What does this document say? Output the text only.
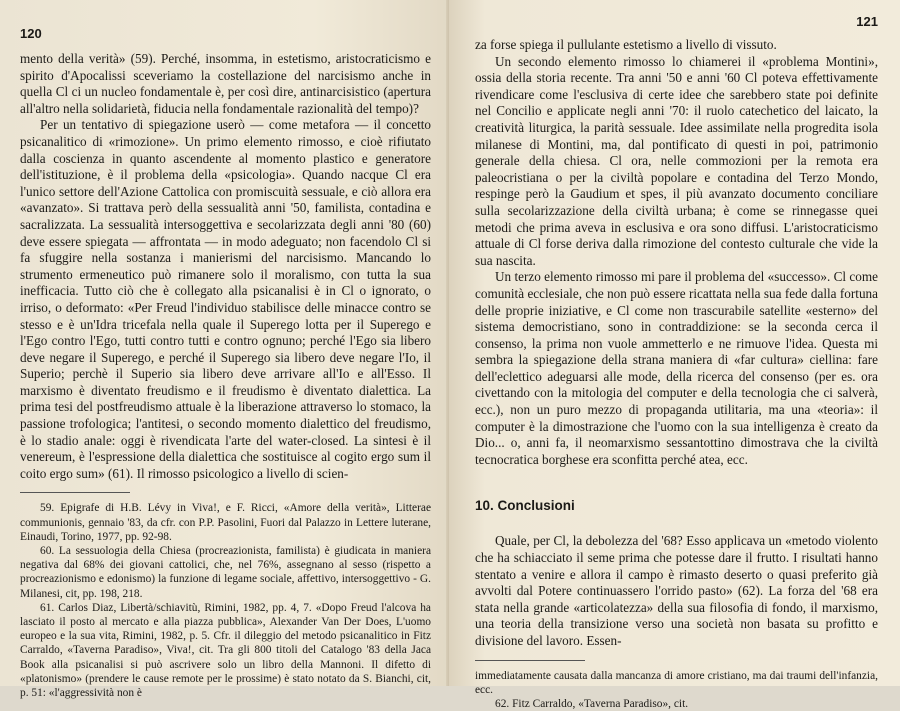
120

mento della verità» (59). Perché, insomma, in estetismo, aristocraticismo e spirito d'Apocalissi sceveriamo la costellazione del narcisismo anche in quella Cl ci un nucleo fondamentale è, per così dire, antinarcisistico (apertura all'altro nella solidarietà, fiducia nella fondamentale razionalità del tempo)?

Per un tentativo di spiegazione userò — come metafora — il concetto psicanalitico di «rimozione». Un primo elemento rimosso, e cioè rifiutato dalla coscienza in quanto ascendente al momento plastico e generatore dell'istituzione, è il problema della «psicologia». Quando nacque Cl era l'unico settore dell'Azione Cattolica con promiscuità sessuale, e ciò allora era «avanzato». Si trattava però della sessualità anni '50, familista, contadina e sacralizzata. La sessualità intersoggettiva e secolarizzata degli anni '80 (60) deve essere spiegata — affrontata — in modo adeguato; non facendolo Cl si fa sfuggire nella sostanza i manierismi del narcisismo. Mancando lo strumento ermeneutico può rimanere solo il moralismo, con tutta la sua inefficacia. Tutto ciò che è collegato alla psicanalisi è in Cl o ignorato, o irriso, o deformato: «Per Freud l'individuo stabilisce delle minacce contro se stesso e è un'Idra tricefala nella quale il Superego lotta per il Superego e l'Ego contro l'Ego, tutti contro tutti e contro ognuno; perché l'Ego sia libero deve negare il Superego, e perché il Superego sia libero deve negare l'Io, il Superio; perchè il Superio sia libero deve arrivare all'Io e all'Esso. Il marxismo è diventato freudismo e il freudismo è diventato dialettica. La prima tesi del postfreudismo attuale è la liberazione attraverso lo stomaco, la passione trofologica; l'antitesi, o secondo momento dialettico del freudismo, è lo stadio anale: oggi è rivendicata l'arte del water-closed. La sintesi è il venereum, è l'espressione della dialettica che sostituisce al cogito ergo sum il coito ergo sum» (61). Il rimosso psicologico a livello di scien-

59. Epigrafe di H.B. Lévy in Viva!, e F. Ricci, «Amore della verità», Litterae communionis, gennaio '83, da cfr. con P.P. Pasolini, Fuori dal Palazzo in Lettere luterane, Einaudi, Torino, 1977, pp. 92-98.

60. La sessuologia della Chiesa (procreazionista, familista) è giudicata in maniera negativa dal 68% dei giovani cattolici, che, nel 76%, assegnano al sesso (rispetto a procreazionismo e edonismo) la funzione di legame sociale, affettivo, intersoggettivo - G. Milanesi, cit, pp. 198, 218.

61. Carlos Diaz, Libertà/schiavitù, Rimini, 1982, pp. 4, 7. «Dopo Freud l'alcova ha lasciato il posto al mercato e alla piazza pubblica», Alexander Van Der Does, L'uomo europeo e la sua vita, Rimini, 1982, p. 5. Cfr. il dileggio del metodo psicanalitico in Fitz Carraldo, «Taverna Paradiso», Viva!, cit. Tra gli 800 titoli del Catalogo '83 della Jaca Book alla psicanalisi si può ascrivere solo un libro della Mannoni. Il difetto di «platonismo» (prendere le cause remote per le prossime) è stato notato da S. Bianchi, cit, p. 51: «l'aggressività non è

121

za forse spiega il pullulante estetismo a livello di vissuto.

Un secondo elemento rimosso lo chiamerei il «problema Montini», ossia della storia recente. Tra anni '50 e anni '60 Cl poteva effettivamente rivendicare come l'esclusiva di certe idee che sarebbero state poi definite nel Concilio e applicate negli anni '70: il ruolo catechetico del laicato, la creatività liturgica, la parità sessuale. Idee assimilate nella progredita isola milanese di Montini, ma, dal pontificato di questi in poi, patrimonio generale della chiesa. Cl ora, nelle commozioni per la remota era paleocristiana o per la civiltà popolare e contadina del Terzo Mondo, respinge però la Gaudium et spes, il più avanzato documento conciliare sulla secolarizzazione della civiltà urbana; è come se rinnegasse quei metodi che prima aveva in esclusiva e ora sono diffusi. L'aristocraticismo attuale di Cl forse deriva dalla rimozione del contesto culturale che vide la sua nascita.

Un terzo elemento rimosso mi pare il problema del «successo». Cl come comunità ecclesiale, che non può essere ricattata nella sua fede dalla fortuna delle proprie iniziative, e Cl come non trascurabile satellite «esterno» del sistema democristiano, sono in contraddizione: se la seconda cerca il consenso, la prima non vuole ammetterlo e ne rimuove l'idea. Questa mi sembra la spiegazione della strana maniera di «far cultura» ciellina: fare dell'eclettico adeguarsi alle mode, della ricerca del consenso (per es. ora civettando con la mitologia del computer e della tecnologia che ci salverà, ecc.), non un puro mezzo di propaganda utilitaria, ma una «teoria»: il computer è la dimostrazione che l'uomo con la sua intelligenza è creato da Dio... o, anni fa, il neomarxismo sessantottino dimostrava che la civiltà tecnocratica borghese era sconfitta perché atea, ecc.

10. Conclusioni

Quale, per Cl, la debolezza del '68? Esso applicava un «metodo violento che ha schiacciato il seme prima che potesse dare il frutto. I risultati hanno stentato a venire e allora il campo è rimasto deserto o quasi preferito già avvolti dal Potere continuassero l'orrido pasto» (62). La forza del '68 era stata nella grande «articolatezza» della sua filosofia di fondo, il marxismo, una teoria della transizione verso una società non basata su profitto e divisione del lavoro. Essen-

immediatamente causata dalla mancanza di amore cristiano, ma dai traumi dell'infanzia, ecc.

62. Fitz Carraldo, «Taverna Paradiso», cit.
